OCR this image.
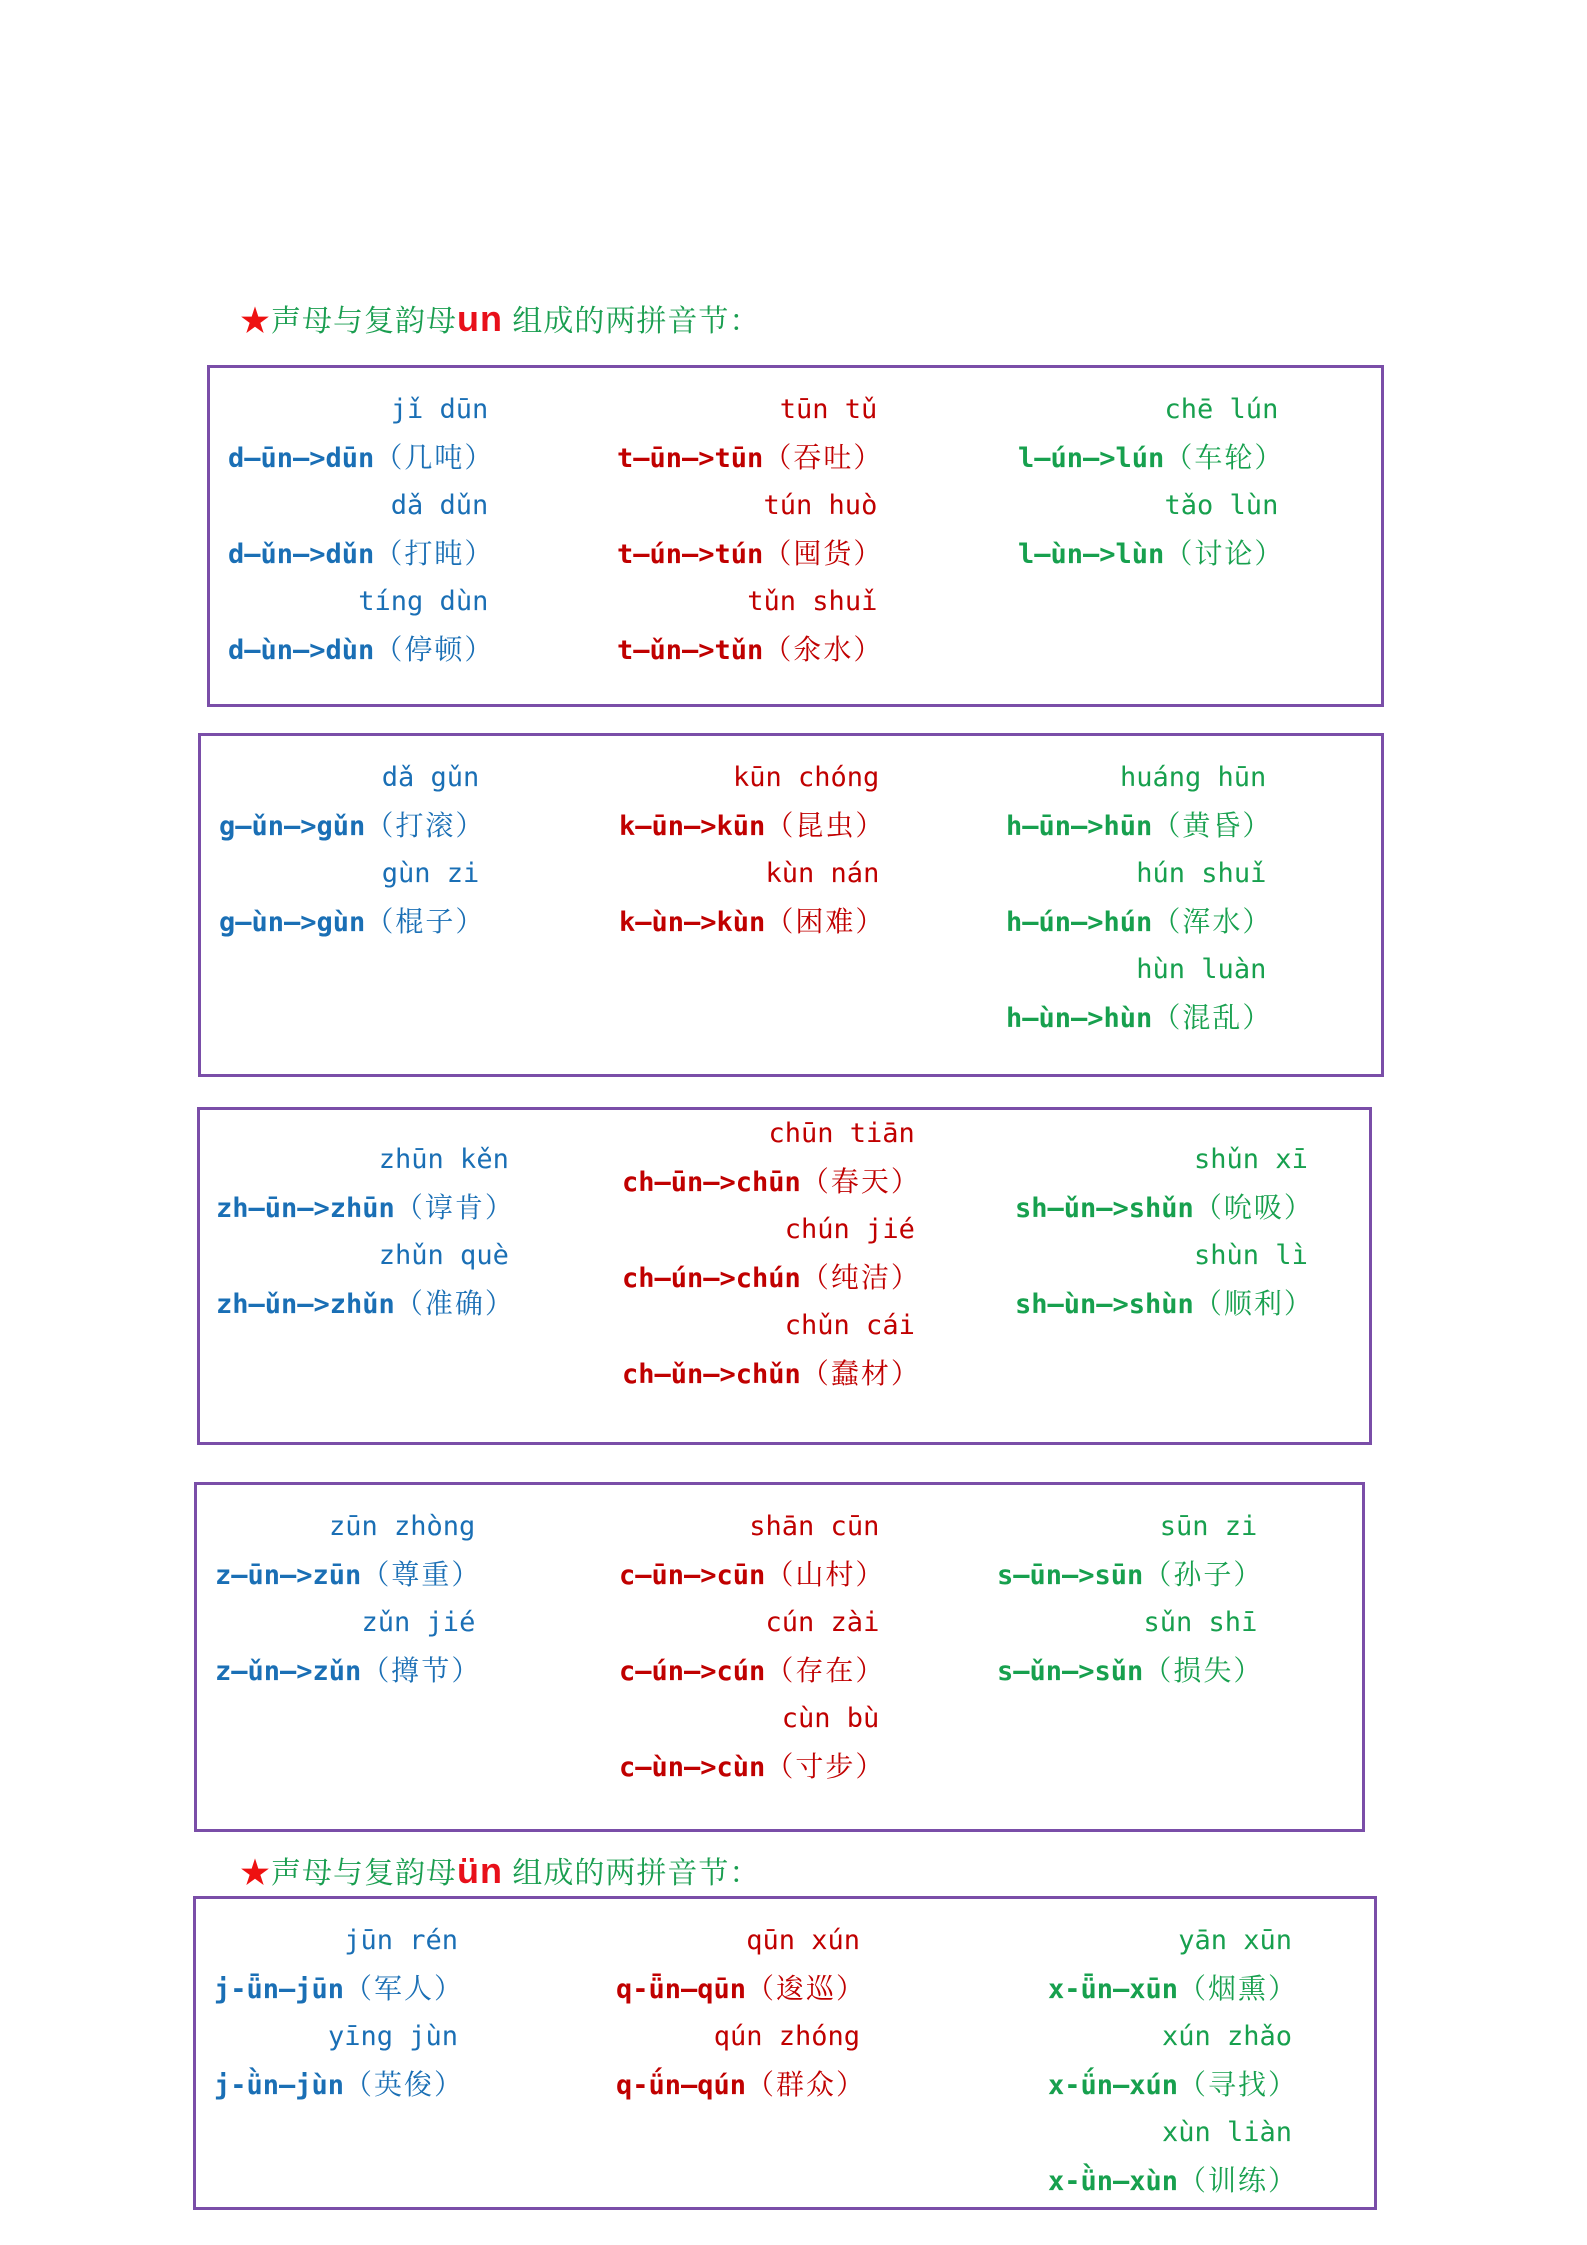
★声母与复韵母un 组成的两拼音节：
jǐ dūn
d—ūn—>dūn（几吨）
dǎ dǔn
d—ǔn—>dǔn（打盹）
tíng dùn
d—ùn—>dùn（停顿）
tūn tǔ
t—ūn—>tūn（吞吐）
tún huò
t—ún—>tún（囤货）
tǔn shuǐ
t—ǔn—>tǔn（氽水）
chē lún
l—ún—>lún（车轮）
tǎo lùn
l—ùn—>lùn（讨论）
dǎ gǔn
g—ǔn—>gǔn（打滚）
gùn zi
g—ùn—>gùn（棍子）
kūn chóng
k—ūn—>kūn（昆虫）
kùn nán
k—ùn—>kùn（困难）
huáng hūn
h—ūn—>hūn（黄昏）
hún shuǐ
h—ún—>hún（浑水）
hùn luàn
h—ùn—>hùn（混乱）
zhūn kěn
zh—ūn—>zhūn（谆肯）
zhǔn què
zh—ǔn—>zhǔn（准确）
chūn tiān
ch—ūn—>chūn（春天）
chún jié
ch—ún—>chún（纯洁）
chǔn cái
ch—ǔn—>chǔn（蠢材）
shǔn xī
sh—ǔn—>shǔn（吮吸）
shùn lì
sh—ùn—>shùn（顺利）
zūn zhòng
z—ūn—>zūn（尊重）
zǔn jié
z—ǔn—>zǔn（撙节）
shān cūn
c—ūn—>cūn（山村）
cún zài
c—ún—>cún（存在）
cùn bù
c—ùn—>cùn（寸步）
sūn zi
s—ūn—>sūn（孙子）
sǔn shī
s—ǔn—>sǔn（损失）
★声母与复韵母ün 组成的两拼音节：
jūn rén
j-ǖn—jūn（军人）
yīng jùn
j-ǜn—jùn（英俊）
qūn xún
q-ǖn—qūn（逡巡）
qún zhóng
q-ǘn—qún（群众）
yān xūn
x-ǖn—xūn（烟熏）
xún zhǎo
x-ǘn—xún（寻找）
xùn liàn
x-ǜn—xùn（训练）
